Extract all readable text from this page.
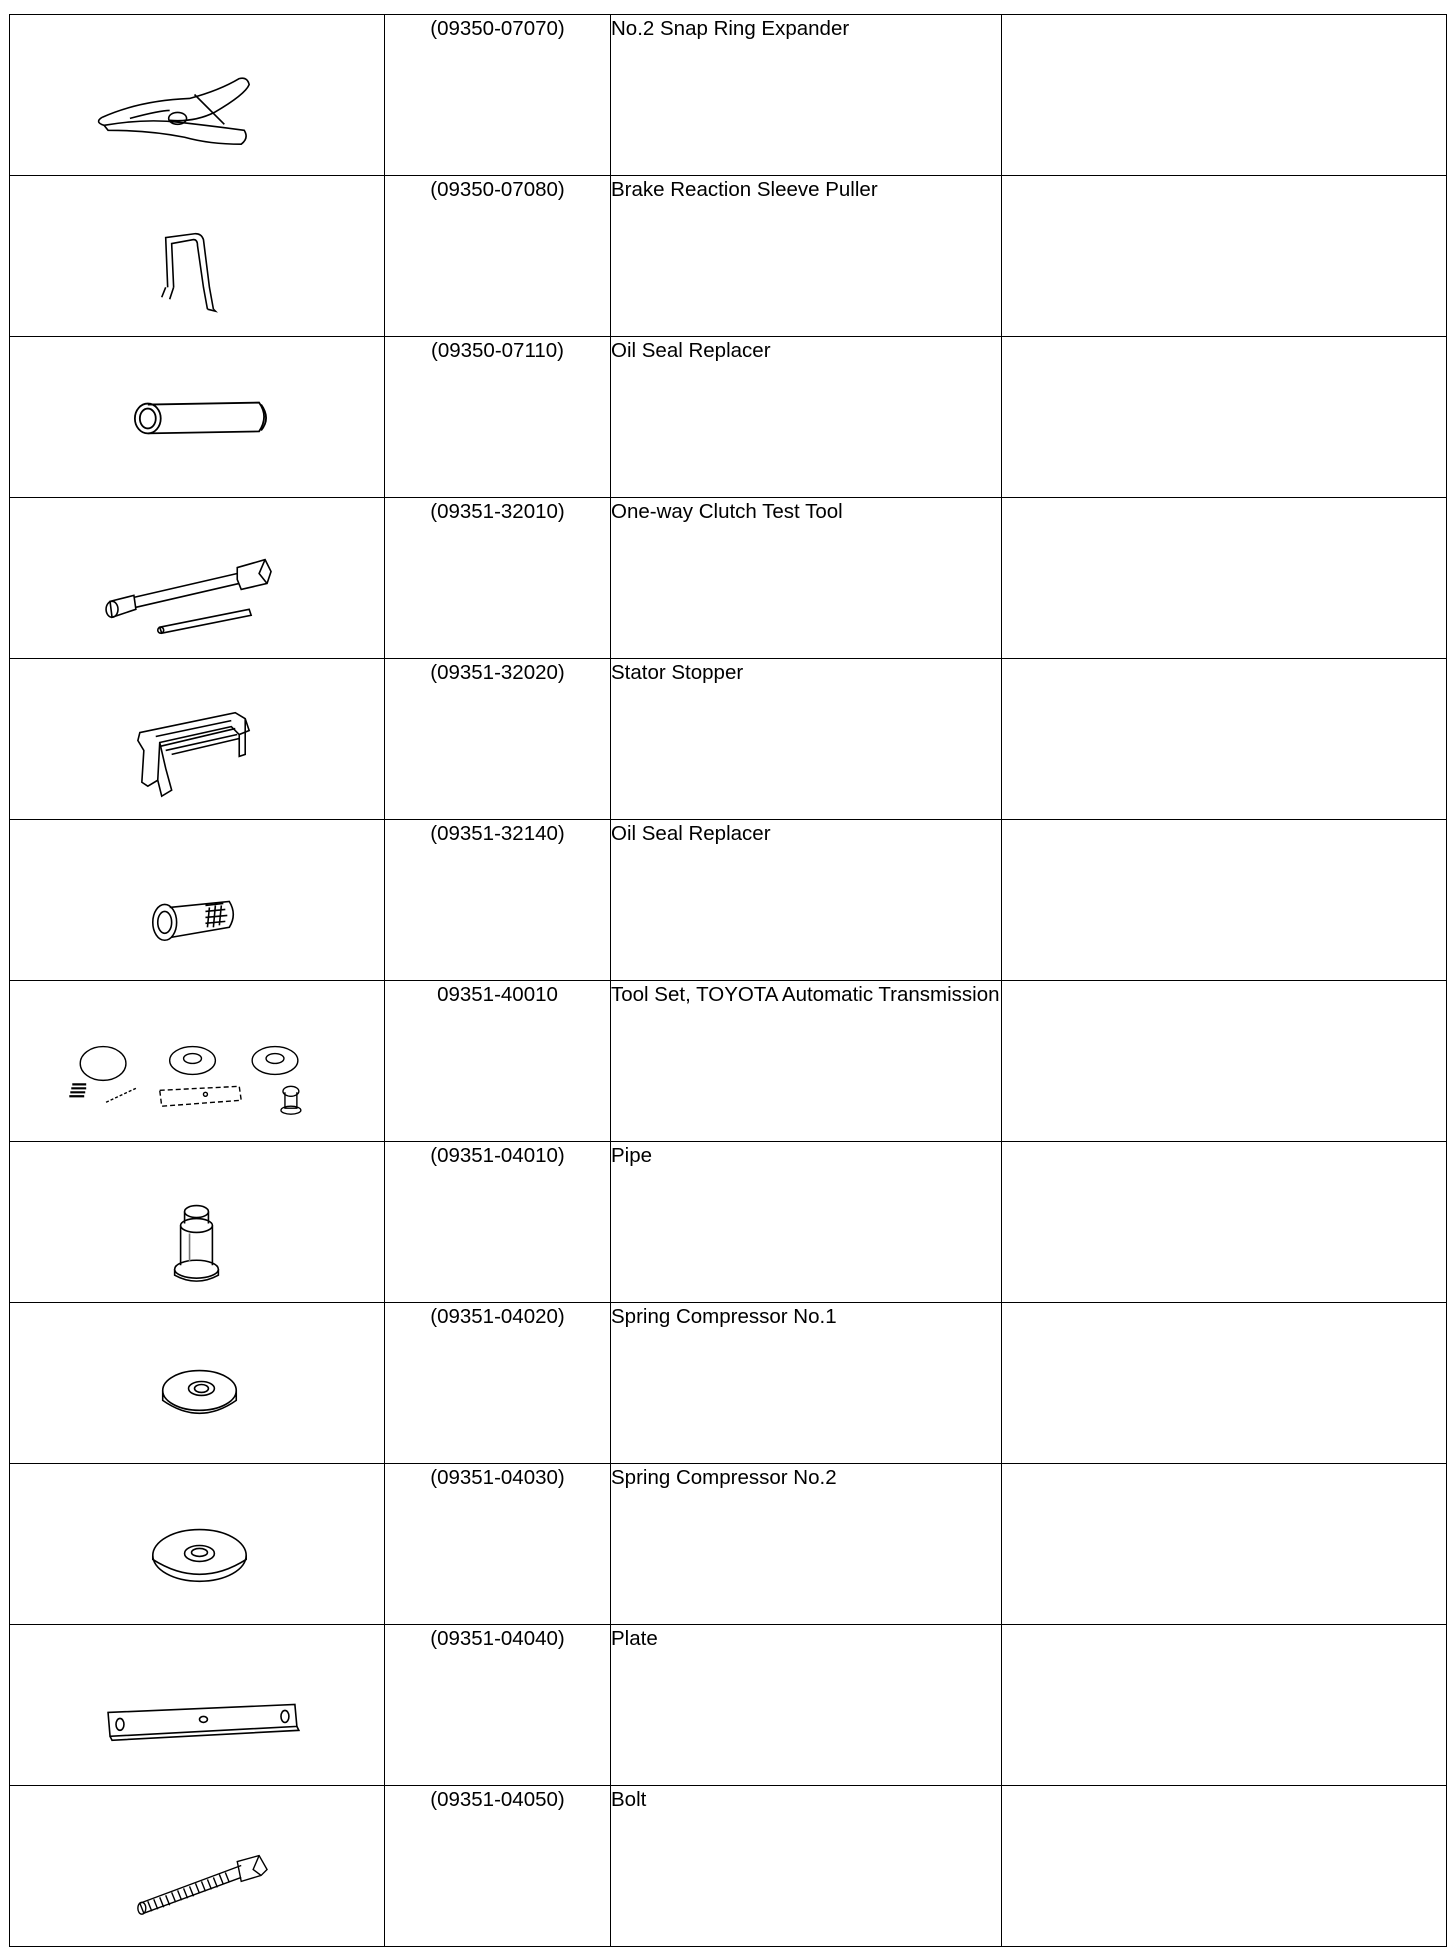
	(09350-07070)	No.2 Snap Ring Expander	

	(09350-07080)	Brake Reaction Sleeve Puller	

	(09350-07110)	Oil Seal Replacer	

	(09351-32010)	One-way Clutch Test Tool	

	(09351-32020)	Stator Stopper	

	(09351-32140)	Oil Seal Replacer	

	09351-40010	Tool Set, TOYOTA Automatic Transmission	

	(09351-04010)	Pipe	

	(09351-04020)	Spring Compressor No.1	

	(09351-04030)	Spring Compressor No.2	

	(09351-04040)	Plate	

	(09351-04050)	Bolt	
